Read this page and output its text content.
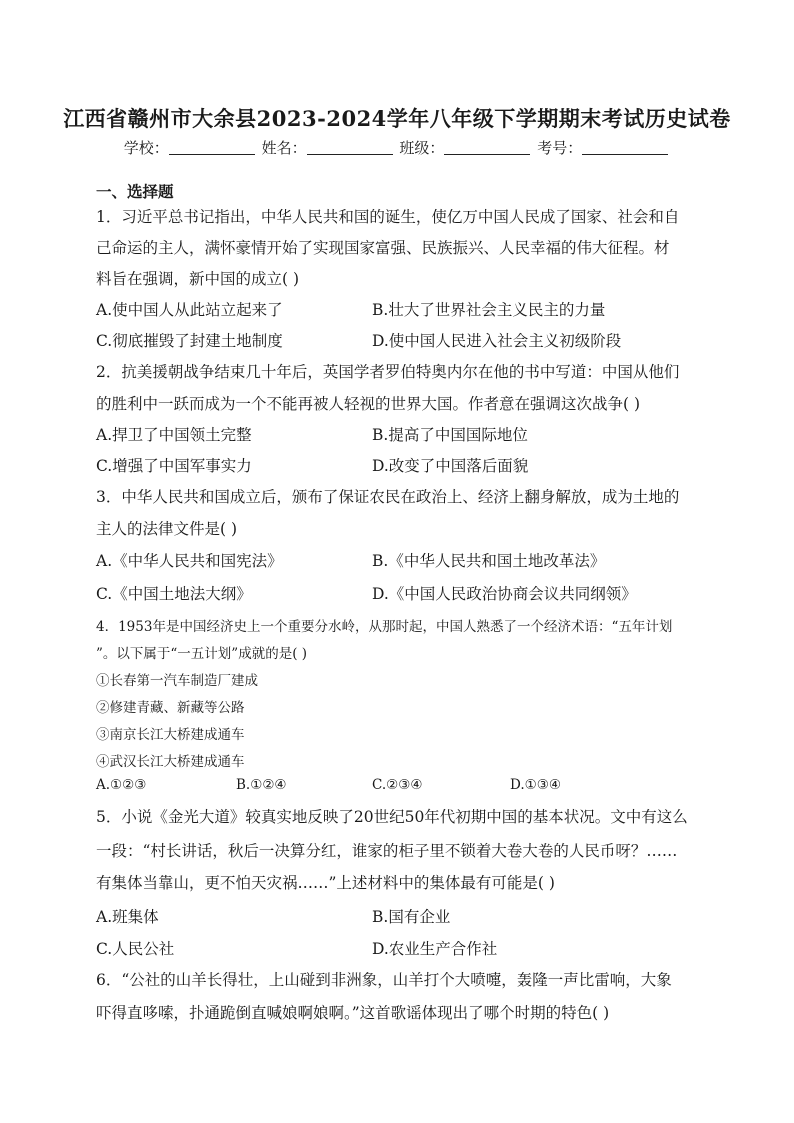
江西省赣州市大余县2023-2024学年八年级下学期期末考试历史试卷
学校：	姓名：	班级：	考号：
一、选择题
1．习近平总书记指出，中华人民共和国的诞生，使亿万中国人民成了国家、社会和自
己命运的主人，满怀豪情开始了实现国家富强、民族振兴、人民幸福的伟大征程。材
料旨在强调，新中国的成立( )
A.使中国人从此站立起来了	B.壮大了世界社会主义民主的力量
C.彻底摧毁了封建土地制度	D.使中国人民进入社会主义初级阶段
2．抗美援朝战争结束几十年后，英国学者罗伯特奥内尔在他的书中写道：中国从他们
的胜利中一跃而成为一个不能再被人轻视的世界大国。作者意在强调这次战争( )
A.捍卫了中国领土完整	B.提高了中国国际地位
C.增强了中国军事实力	D.改变了中国落后面貌
3．中华人民共和国成立后，颁布了保证农民在政治上、经济上翻身解放，成为土地的
主人的法律文件是( )
A.《中华人民共和国宪法》	B.《中华人民共和国土地改革法》
C.《中国土地法大纲》	D.《中国人民政治协商会议共同纲领》
4．1953年是中国经济史上一个重要分水岭，从那时起，中国人熟悉了一个经济术语：“五年计划
”。以下属于“一五计划”成就的是( )
①长春第一汽车制造厂建成
②修建青藏、新藏等公路
③南京长江大桥建成通车
④武汉长江大桥建成通车
A.①②③	B.①②④	C.②③④	D.①③④
5．小说《金光大道》较真实地反映了20世纪50年代初期中国的基本状况。文中有这么
一段：“村长讲话，秋后一决算分红，谁家的柜子里不锁着大卷大卷的人民币呀？……
有集体当靠山，更不怕天灾祸……”上述材料中的集体最有可能是( )
A.班集体	B.国有企业
C.人民公社	D.农业生产合作社
6．“公社的山羊长得壮，上山碰到非洲象，山羊打个大喷嚏，轰隆一声比雷响，大象
吓得直哆嗦，扑通跪倒直喊娘啊娘啊。”这首歌谣体现出了哪个时期的特色( )
